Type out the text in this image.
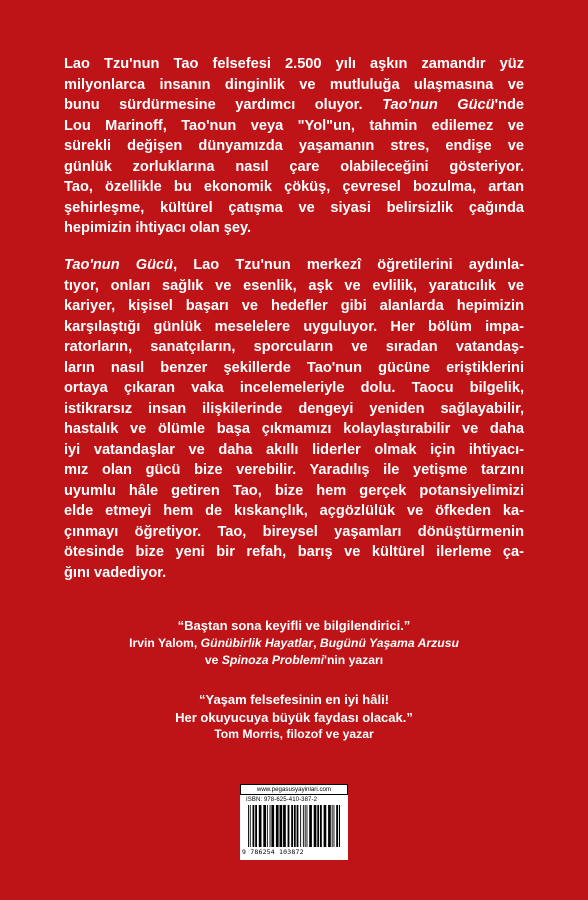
Lao Tzu'nun Tao felsefesi 2.500 yılı aşkın zamandır yüz
milyonlarca insanın dinginlik ve mutluluğa ulaşmasına ve
bunu sürdürmesine yardımcı oluyor. Tao'nun Gücü'nde
Lou Marinoff, Tao'nun veya "Yol"un, tahmin edilemez ve
sürekli değişen dünyamızda yaşamanın stres, endişe ve
günlük zorluklarına nasıl çare olabileceğini gösteriyor.
Tao, özellikle bu ekonomik çöküş, çevresel bozulma, artan
şehirleşme, kültürel çatışma ve siyasi belirsizlik çağında
hepimizin ihtiyacı olan şey.
Tao'nun Gücü, Lao Tzu'nun merkezî öğretilerini aydınla-
tıyor, onları sağlık ve esenlik, aşk ve evlilik, yaratıcılık ve
kariyer, kişisel başarı ve hedefler gibi alanlarda hepimizin
karşılaştığı günlük meselelere uyguluyor. Her bölüm impa-
ratorların, sanatçıların, sporcuların ve sıradan vatandaş-
ların nasıl benzer şekillerde Tao'nun gücüne eriştiklerini
ortaya çıkaran vaka incelemeleriyle dolu. Taocu bilgelik,
istikrarsız insan ilişkilerinde dengeyi yeniden sağlayabilir,
hastalık ve ölümle başa çıkmamızı kolaylaştırabilir ve daha
iyi vatandaşlar ve daha akıllı liderler olmak için ihtiyacı-
mız olan gücü bize verebilir. Yaradılış ile yetişme tarzını
uyumlu hâle getiren Tao, bize hem gerçek potansiyelimizi
elde etmeyi hem de kıskançlık, açgözlülük ve öfkeden ka-
çınmayı öğretiyor. Tao, bireysel yaşamları dönüştürmenin
ötesinde bize yeni bir refah, barış ve kültürel ilerleme ça-
ğını vadediyor.
“Baştan sona keyifli ve bilgilendirici.”
Irvin Yalom, Günübirlik Hayatlar, Bugünü Yaşama Arzusu
ve Spinoza Problemi'nin yazarı
“Yaşam felsefesinin en iyi hâli!
Her okuyucuya büyük faydası olacak.”
Tom Morris, filozof ve yazar
www.pegasusyayinlari.com
ISBN: 978-625-410-387-2
9 786254 103872
